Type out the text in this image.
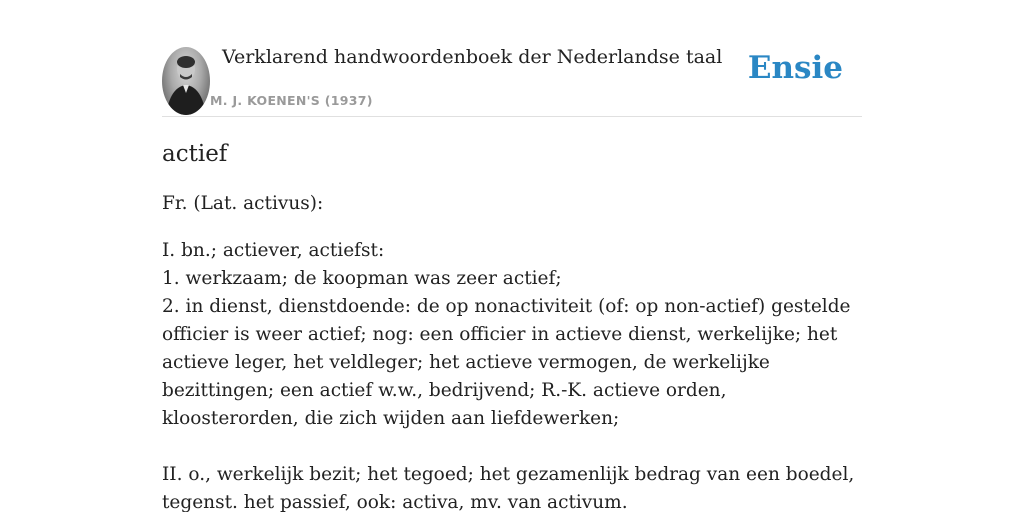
Verklarend handwoordenboek der Nederlandse taal
M. J. KOENEN'S (1937)
Ensie
actief

Fr. (Lat. activus):

I. bn.; actiever, actiefst:
1. werkzaam; de koopman was zeer actief;
2. in dienst, dienstdoende: de op nonactiviteit (of: op non-actief) gestelde officier is weer actief; nog: een officier in actieve dienst, werkelijke; het actieve leger, het veldleger; het actieve vermogen, de werkelijke bezittingen; een actief w.w., bedrijvend; R.-K. actieve orden, kloosterorden, die zich wijden aan liefdewerken;
II. o., werkelijk bezit; het tegoed; het gezamenlijk bedrag van een boedel, tegenst. het passief, ook: activa, mv. van activum.
